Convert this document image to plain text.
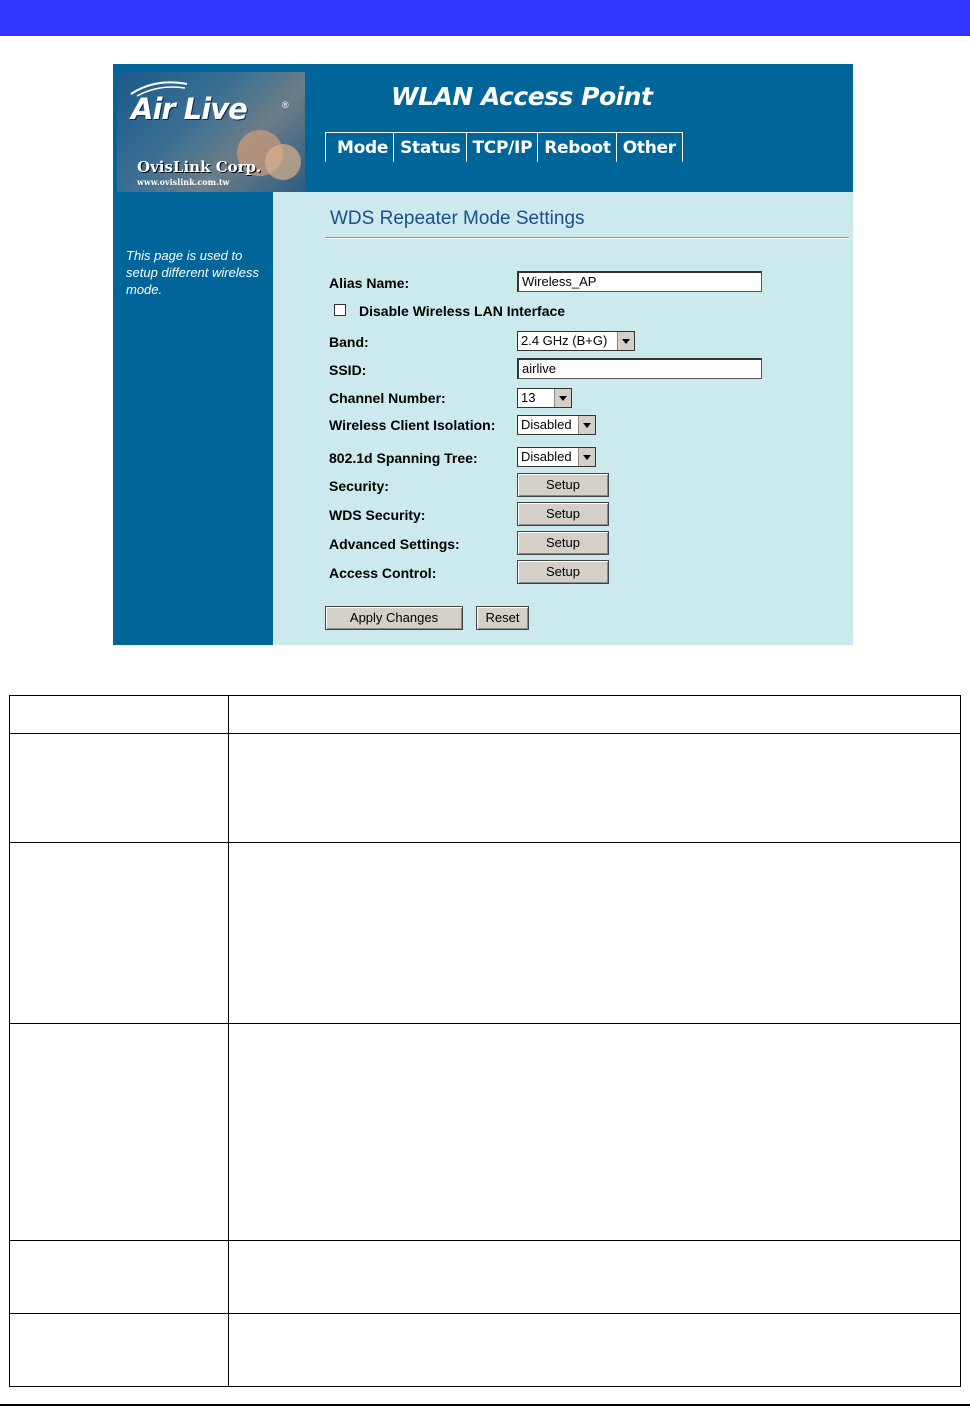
Air Live	®
OvisLink Corp.
www.ovislink.com.tw
WLAN Access Point
Mode Status TCP/IP Reboot Other
This page is used to setup different wireless mode.
WDS Repeater Mode Settings
Alias Name:	Wireless_AP
Disable Wireless LAN Interface
Band:	2.4 GHz (B+G)
SSID:	airlive
Channel Number:	13
Wireless Client Isolation: Disabled
802.1d Spanning Tree:	Disabled
Security:	Setup
WDS Security:	Setup
Advanced Settings:	Setup
Access Control:	Setup
Apply Changes	Reset
